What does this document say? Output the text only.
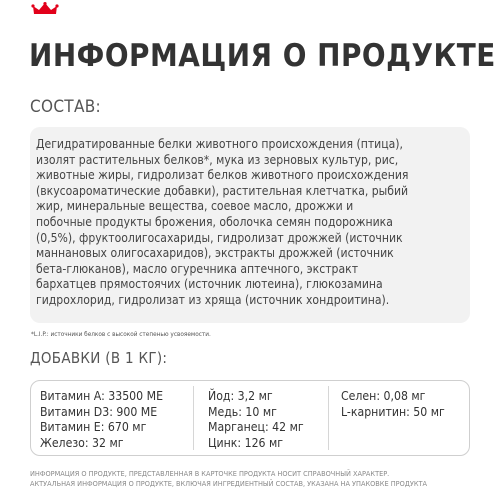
ИНФОРМАЦИЯ О ПРОДУКТЕ
СОСТАВ:
Дегидратированные белки животного происхождения (птица),
изолят растительных белков*, мука из зерновых культур, рис,
животные жиры, гидролизат белков животного происхождения
(вкусоароматические добавки), растительная клетчатка, рыбий
жир, минеральные вещества, соевое масло, дрожжи и
побочные продукты брожения, оболочка семян подорожника
(0,5%), фруктоолигосахариды, гидролизат дрожжей (источник
маннановых олигосахаридов), экстракты дрожжей (источник
бета-глюканов), масло огуречника аптечного, экстракт
бархатцев прямостоячих (источник лютеина), глюкозамина
гидрохлорид, гидролизат из хряща (источник хондроитина).
*L.I.P.: источники белков с высокой степенью усвояемости.
ДОБАВКИ (В 1 КГ):
Витамин A: 33500 МЕ
Витамин D3: 900 МЕ
Витамин E: 670 мг
Железо: 32 мг
Йод: 3,2 мг
Медь: 10 мг
Марганец: 42 мг
Цинк: 126 мг
Селен: 0,08 мг
L-карнитин: 50 мг
ИНФОРМАЦИЯ О ПРОДУКТЕ, ПРЕДСТАВЛЕННАЯ В КАРТОЧКЕ ПРОДУКТА НОСИТ СПРАВОЧНЫЙ ХАРАКТЕР.
АКТУАЛЬНАЯ ИНФОРМАЦИЯ О ПРОДУКТЕ, ВКЛЮЧАЯ ИНГРЕДИЕНТНЫЙ СОСТАВ, УКАЗАНА НА УПАКОВКЕ ПРОДУКТА
